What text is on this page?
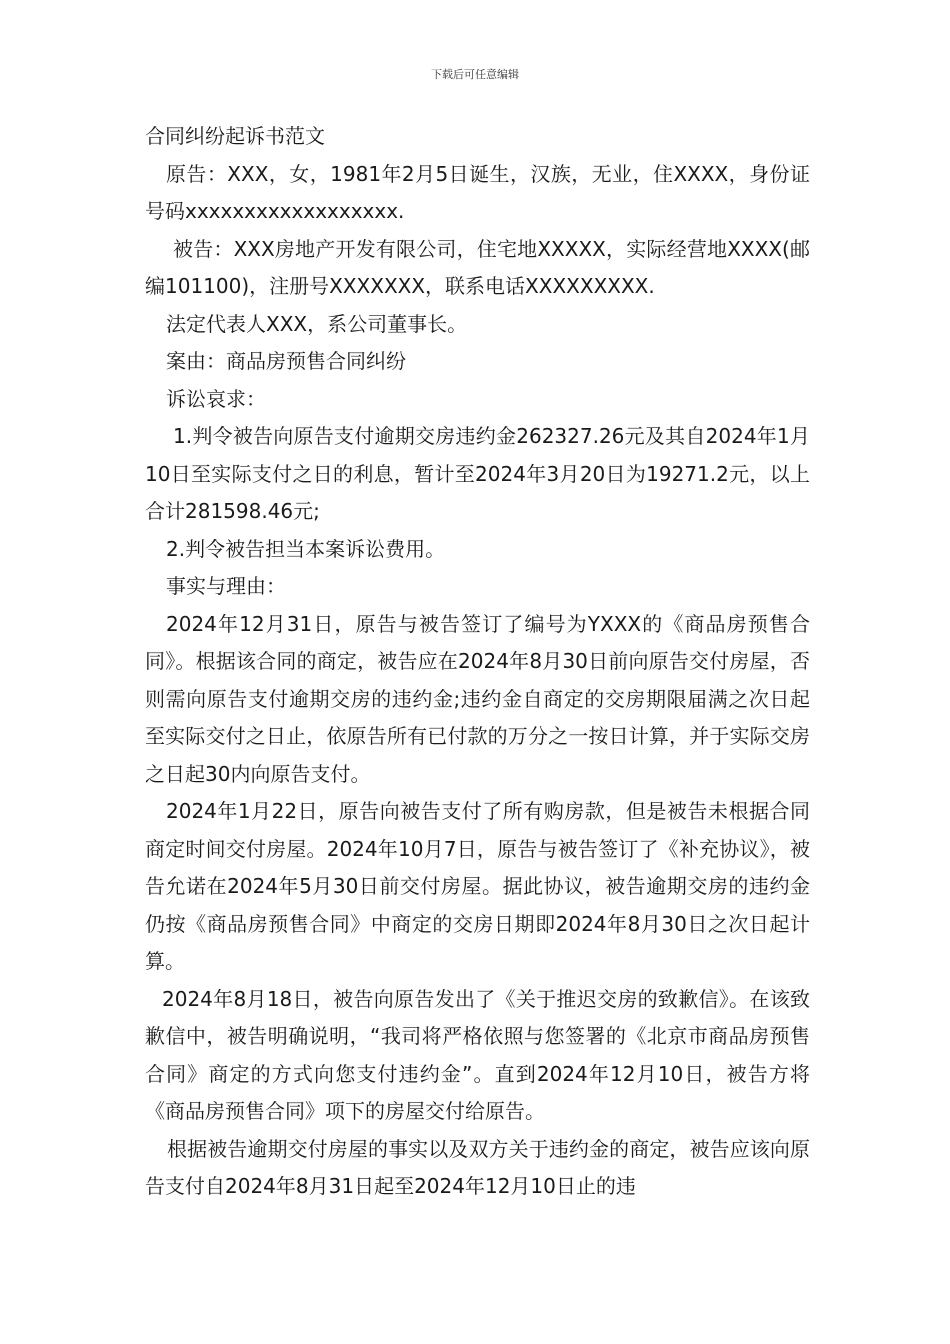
下载后可任意编辑

合同纠纷起诉书范文

原告：XXX，女，1981年2月5日诞生，汉族，无业，住XXXX，身份证号码xxxxxxxxxxxxxxxxxx.

被告：XXX房地产开发有限公司，住宅地XXXXX，实际经营地XXXX(邮编101100)，注册号XXXXXXX，联系电话XXXXXXXXX.

法定代表人XXX，系公司董事长。

案由：商品房预售合同纠纷

诉讼哀求：

1.判令被告向原告支付逾期交房违约金262327.26元及其自2024年1月10日至实际支付之日的利息，暂计至2024年3月20日为19271.2元，以上合计281598.46元;

2.判令被告担当本案诉讼费用。

事实与理由：

2024年12月31日，原告与被告签订了编号为YXXX的《商品房预售合同》。根据该合同的商定，被告应在2024年8月30日前向原告交付房屋，否则需向原告支付逾期交房的违约金;违约金自商定的交房期限届满之次日起至实际交付之日止，依原告所有已付款的万分之一按日计算，并于实际交房之日起30内向原告支付。

2024年1月22日，原告向被告支付了所有购房款，但是被告未根据合同商定时间交付房屋。2024年10月7日，原告与被告签订了《补充协议》，被告允诺在2024年5月30日前交付房屋。据此协议，被告逾期交房的违约金仍按《商品房预售合同》中商定的交房日期即2024年8月30日之次日起计算。

2024年8月18日，被告向原告发出了《关于推迟交房的致歉信》。在该致歉信中，被告明确说明，“我司将严格依照与您签署的《北京市商品房预售合同》商定的方式向您支付违约金”。直到2024年12月10日，被告方将《商品房预售合同》项下的房屋交付给原告。

根据被告逾期交付房屋的事实以及双方关于违约金的商定，被告应该向原告支付自2024年8月31日起至2024年12月10日止的违
